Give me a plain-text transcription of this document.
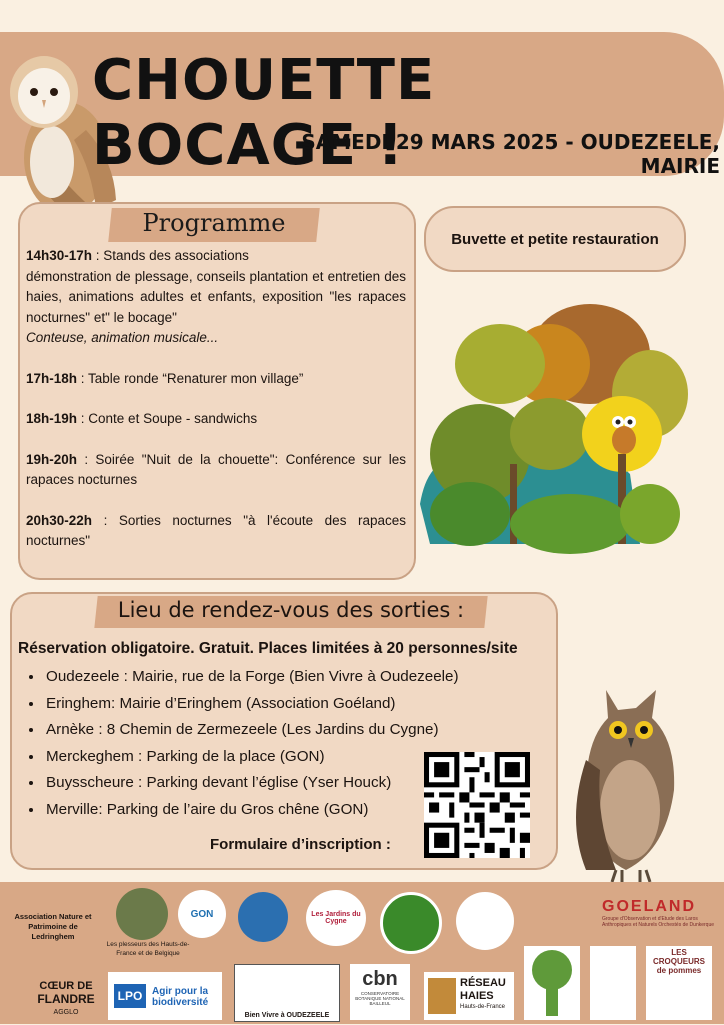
CHOUETTE BOCAGE !
SAMEDI 29 MARS 2025 - OUDEZEELE, MAIRIE
Programme

14h30-17h : Stands des associations
démonstration de plessage, conseils plantation et entretien des haies, animations adultes et enfants, exposition "les rapaces nocturnes" et" le bocage"
Conteuse, animation musicale...

17h-18h : Table ronde “Renaturer mon village”

18h-19h : Conte et Soupe - sandwichs

19h-20h : Soirée "Nuit de la chouette": Conférence sur les rapaces nocturnes

20h30-22h : Sorties nocturnes "à l'écoute des rapaces nocturnes"

Buvette et petite restauration
Lieu de rendez-vous des sorties :
Réservation obligatoire. Gratuit. Places limitées à 20 personnes/site
• Oudezeele : Mairie, rue de la Forge (Bien Vivre à Oudezeele)
• Eringhem: Mairie d’Eringhem (Association Goéland)
• Arnèke : 8 Chemin de Zermezeele (Les Jardins du Cygne)
• Merckeghem : Parking de la place (GON)
• Buysscheure : Parking devant l’église (Yser Houck)
• Merville: Parking de l’aire du Gros chêne (GON)
Formulaire d’inscription :
Association Nature et Patrimoine de Ledringhem
Les plesseurs des Hauts-de-France et de Belgique
GON	Les Jardins du Cygne
GOELAND
Groupe d'Observation et d'Etude des Laros Anthropiques et Naturels Orchestés de Dunkerque
CŒUR DE
FLANDRE
AGGLO
LPO Agir pour la biodiversité
Bien Vivre à OUDEZEELE
cbn
CONSERVATOIRE BOTANIQUE NATIONAL BAILLEUL
RÉSEAU
HAIES
Hauts-de-France
LES CROQUEURS de pommes
